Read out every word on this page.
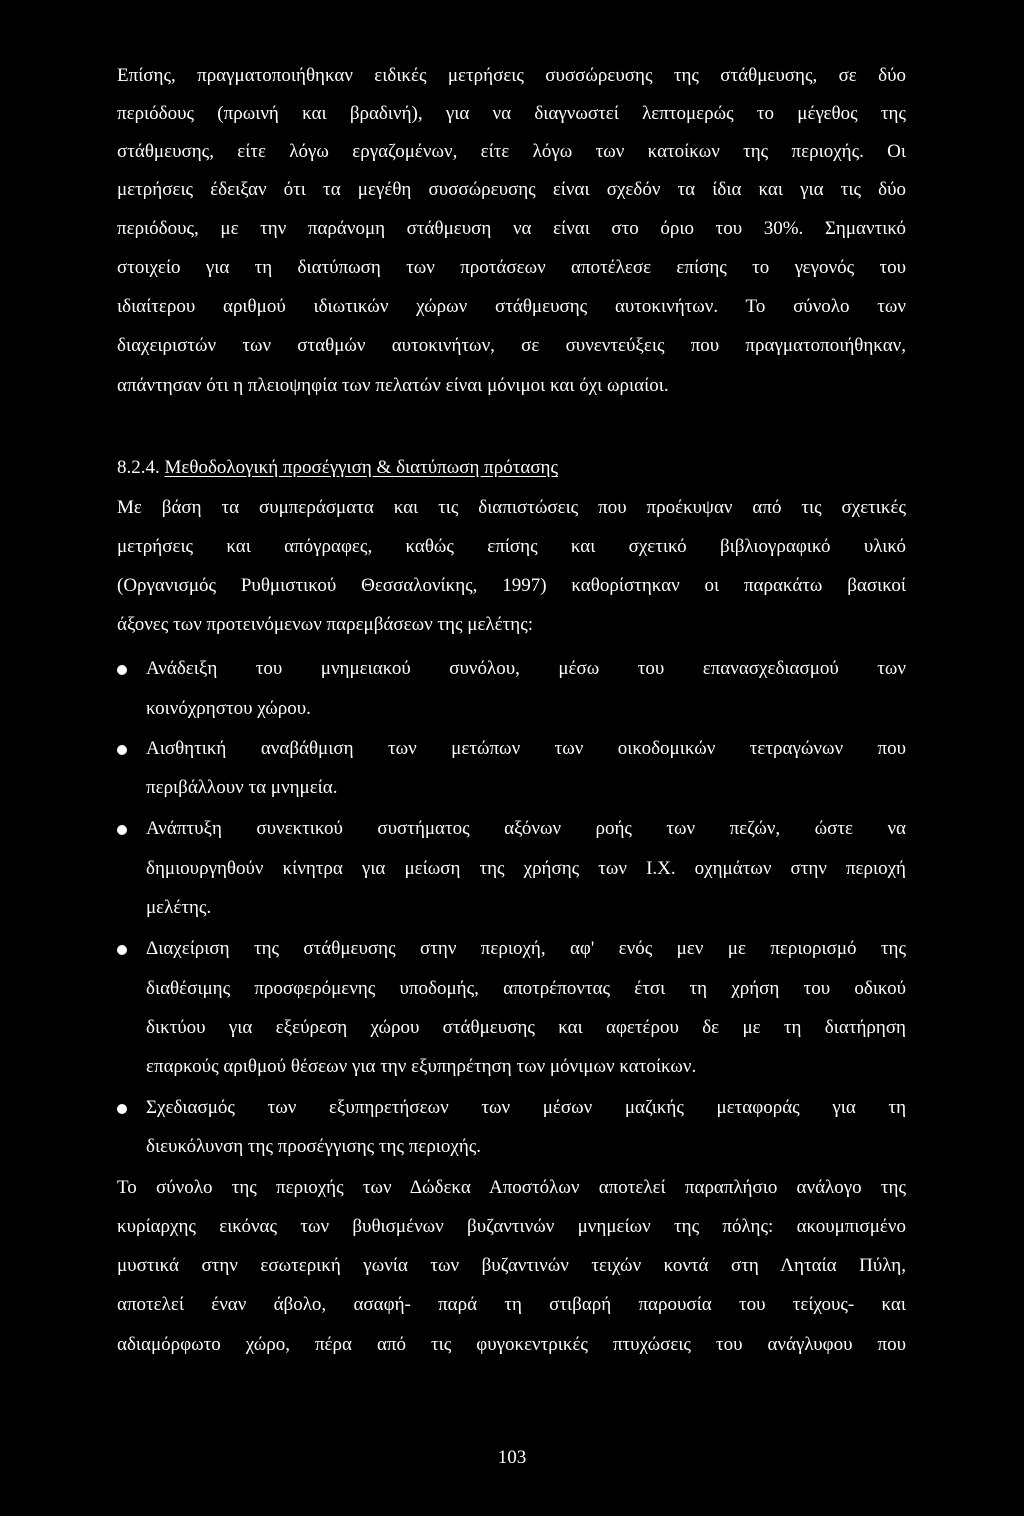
Επίσης, πραγματοποιήθηκαν ειδικές μετρήσεις συσσώρευσης της στάθμευσης, σε δύο

περιόδους (πρωινή και βραδινή), για να διαγνωστεί λεπτομερώς το μέγεθος της

στάθμευσης, είτε λόγω εργαζομένων, είτε λόγω των κατοίκων της περιοχής. Οι

μετρήσεις έδειξαν ότι τα μεγέθη συσσώρευσης είναι σχεδόν τα ίδια και για τις δύο

περιόδους, με την παράνομη στάθμευση να είναι στο όριο του 30%. Σημαντικό

στοιχείο για τη διατύπωση των προτάσεων αποτέλεσε επίσης το γεγονός του

ιδιαίτερου αριθμού ιδιωτικών χώρων στάθμευσης αυτοκινήτων. Το σύνολο των

διαχειριστών των σταθμών αυτοκινήτων, σε συνεντεύξεις που πραγματοποιήθηκαν,

απάντησαν ότι η πλειοψηφία των πελατών είναι μόνιμοι και όχι ωριαίοι.

8.2.4. Μεθοδολογική προσέγγιση & διατύπωση πρότασης

Με βάση τα συμπεράσματα και τις διαπιστώσεις που προέκυψαν από τις σχετικές

μετρήσεις και απόγραφες, καθώς επίσης και σχετικό βιβλιογραφικό υλικό

(Οργανισμός Ρυθμιστικού Θεσσαλονίκης, 1997) καθορίστηκαν οι παρακάτω βασικοί

άξονες των προτεινόμενων παρεμβάσεων της μελέτης:

Ανάδειξη του μνημειακού συνόλου, μέσω του επανασχεδιασμού των

κοινόχρηστου χώρου.

Αισθητική αναβάθμιση των μετώπων των οικοδομικών τετραγώνων που

περιβάλλουν τα μνημεία.

Ανάπτυξη συνεκτικού συστήματος αξόνων ροής των πεζών, ώστε να

δημιουργηθούν κίνητρα για μείωση της χρήσης των Ι.Χ. οχημάτων στην περιοχή

μελέτης.

Διαχείριση της στάθμευσης στην περιοχή, αφ' ενός μεν με περιορισμό της

διαθέσιμης προσφερόμενης υποδομής, αποτρέποντας έτσι τη χρήση του οδικού

δικτύου για εξεύρεση χώρου στάθμευσης και αφετέρου δε με τη διατήρηση

επαρκούς αριθμού θέσεων για την εξυπηρέτηση των μόνιμων κατοίκων.

Σχεδιασμός των εξυπηρετήσεων των μέσων μαζικής μεταφοράς για τη

διευκόλυνση της προσέγγισης της περιοχής.

Το σύνολο της περιοχής των Δώδεκα Αποστόλων αποτελεί παραπλήσιο ανάλογο της

κυρίαρχης εικόνας των βυθισμένων βυζαντινών μνημείων της πόλης: ακουμπισμένο

μυστικά στην εσωτερική γωνία των βυζαντινών τειχών κοντά στη Ληταία Πύλη,

αποτελεί έναν άβολο, ασαφή- παρά τη στιβαρή παρουσία του τείχους- και

αδιαμόρφωτο χώρο, πέρα από τις φυγοκεντρικές πτυχώσεις του ανάγλυφου που

103
